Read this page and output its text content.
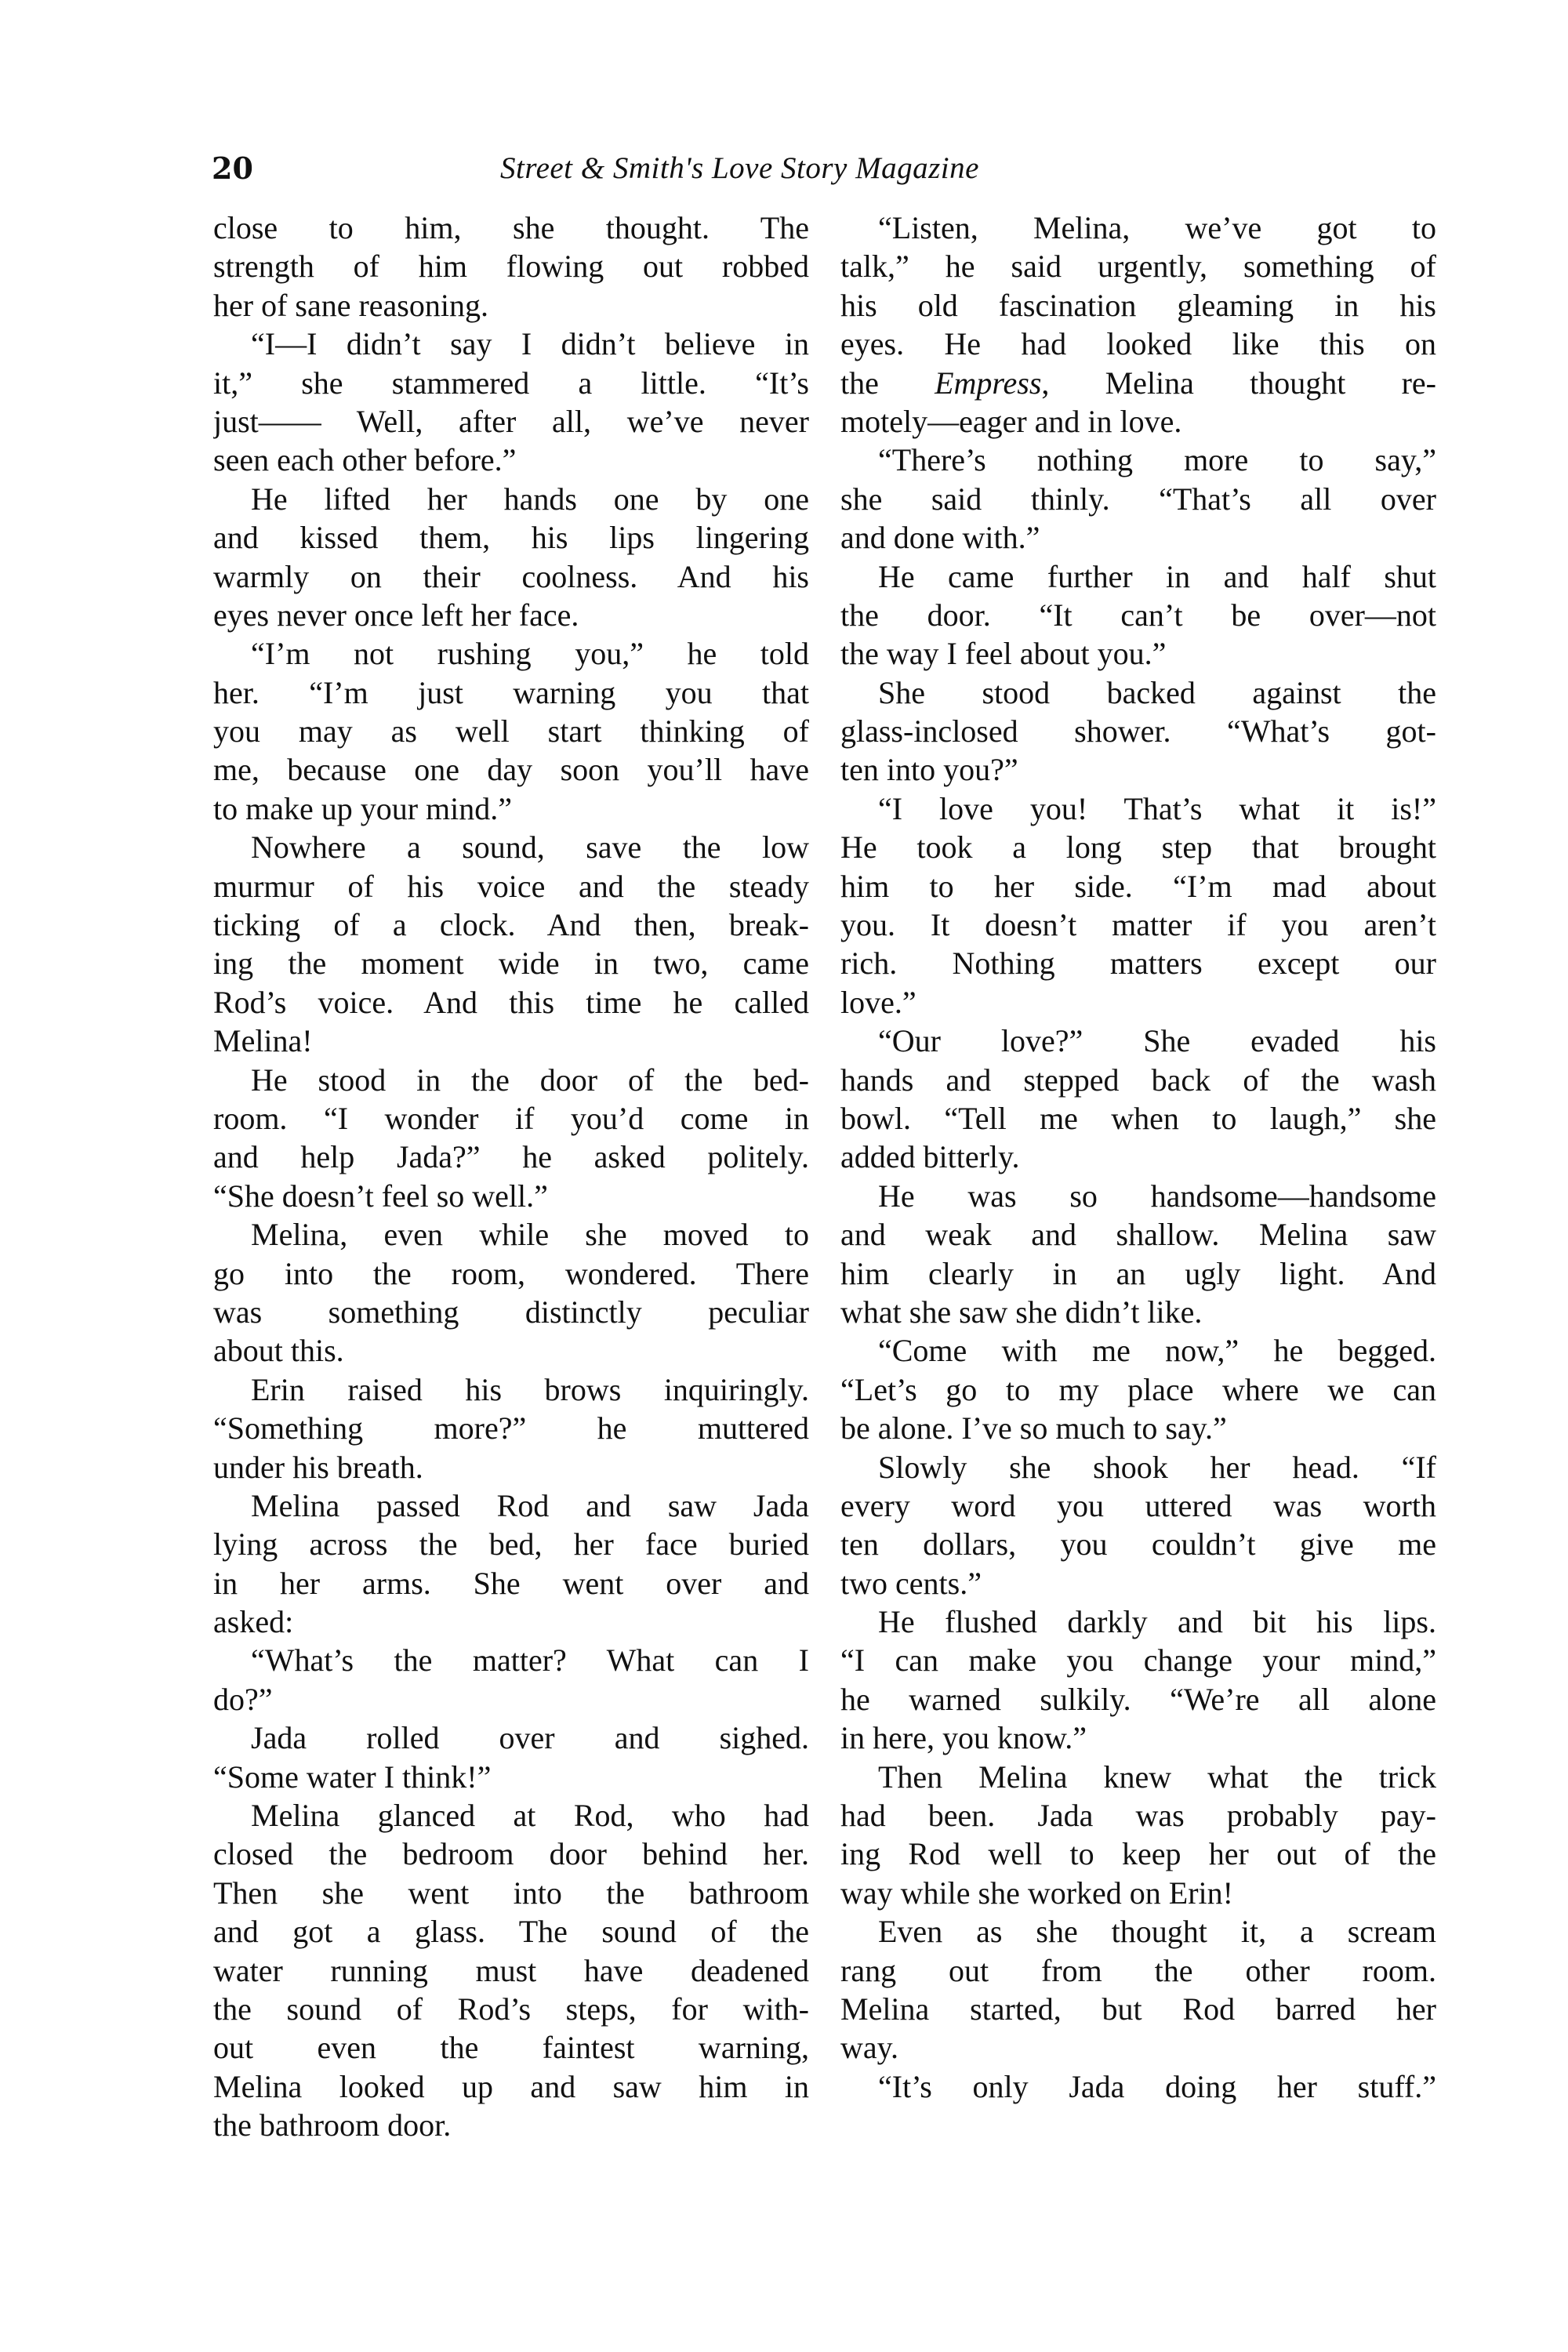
20	Street & Smith's Love Story Magazine
close to him, she thought. The
strength of him flowing out robbed
her of sane reasoning.
“I—I didn’t say I didn’t believe in
it,” she stammered a little. “It’s
just—— Well, after all, we’ve never
seen each other before.”
He lifted her hands one by one
and kissed them, his lips lingering
warmly on their coolness. And his
eyes never once left her face.
“I’m not rushing you,” he told
her. “I’m just warning you that
you may as well start thinking of
me, because one day soon you’ll have
to make up your mind.”
Nowhere a sound, save the low
murmur of his voice and the steady
ticking of a clock. And then, break-
ing the moment wide in two, came
Rod’s voice. And this time he called
Melina!
He stood in the door of the bed-
room. “I wonder if you’d come in
and help Jada?” he asked politely.
“She doesn’t feel so well.”
Melina, even while she moved to
go into the room, wondered. There
was something distinctly peculiar
about this.
Erin raised his brows inquiringly.
“Something more?” he muttered
under his breath.
Melina passed Rod and saw Jada
lying across the bed, her face buried
in her arms. She went over and
asked:
“What’s the matter? What can I
do?”
Jada rolled over and sighed.
“Some water I think!”
Melina glanced at Rod, who had
closed the bedroom door behind her.
Then she went into the bathroom
and got a glass. The sound of the
water running must have deadened
the sound of Rod’s steps, for with-
out even the faintest warning,
Melina looked up and saw him in
the bathroom door.
“Listen, Melina, we’ve got to
talk,” he said urgently, something of
his old fascination gleaming in his
eyes. He had looked like this on
the Empress, Melina thought re-
motely—eager and in love.
“There’s nothing more to say,”
she said thinly. “That’s all over
and done with.”
He came further in and half shut
the door. “It can’t be over—not
the way I feel about you.”
She stood backed against the
glass-inclosed shower. “What’s got-
ten into you?”
“I love you! That’s what it is!”
He took a long step that brought
him to her side. “I’m mad about
you. It doesn’t matter if you aren’t
rich. Nothing matters except our
love.”
“Our love?” She evaded his
hands and stepped back of the wash
bowl. “Tell me when to laugh,” she
added bitterly.
He was so handsome—handsome
and weak and shallow. Melina saw
him clearly in an ugly light. And
what she saw she didn’t like.
“Come with me now,” he begged.
“Let’s go to my place where we can
be alone. I’ve so much to say.”
Slowly she shook her head. “If
every word you uttered was worth
ten dollars, you couldn’t give me
two cents.”
He flushed darkly and bit his lips.
“I can make you change your mind,”
he warned sulkily. “We’re all alone
in here, you know.”
Then Melina knew what the trick
had been. Jada was probably pay-
ing Rod well to keep her out of the
way while she worked on Erin!
Even as she thought it, a scream
rang out from the other room.
Melina started, but Rod barred her
way.
“It’s only Jada doing her stuff.”
